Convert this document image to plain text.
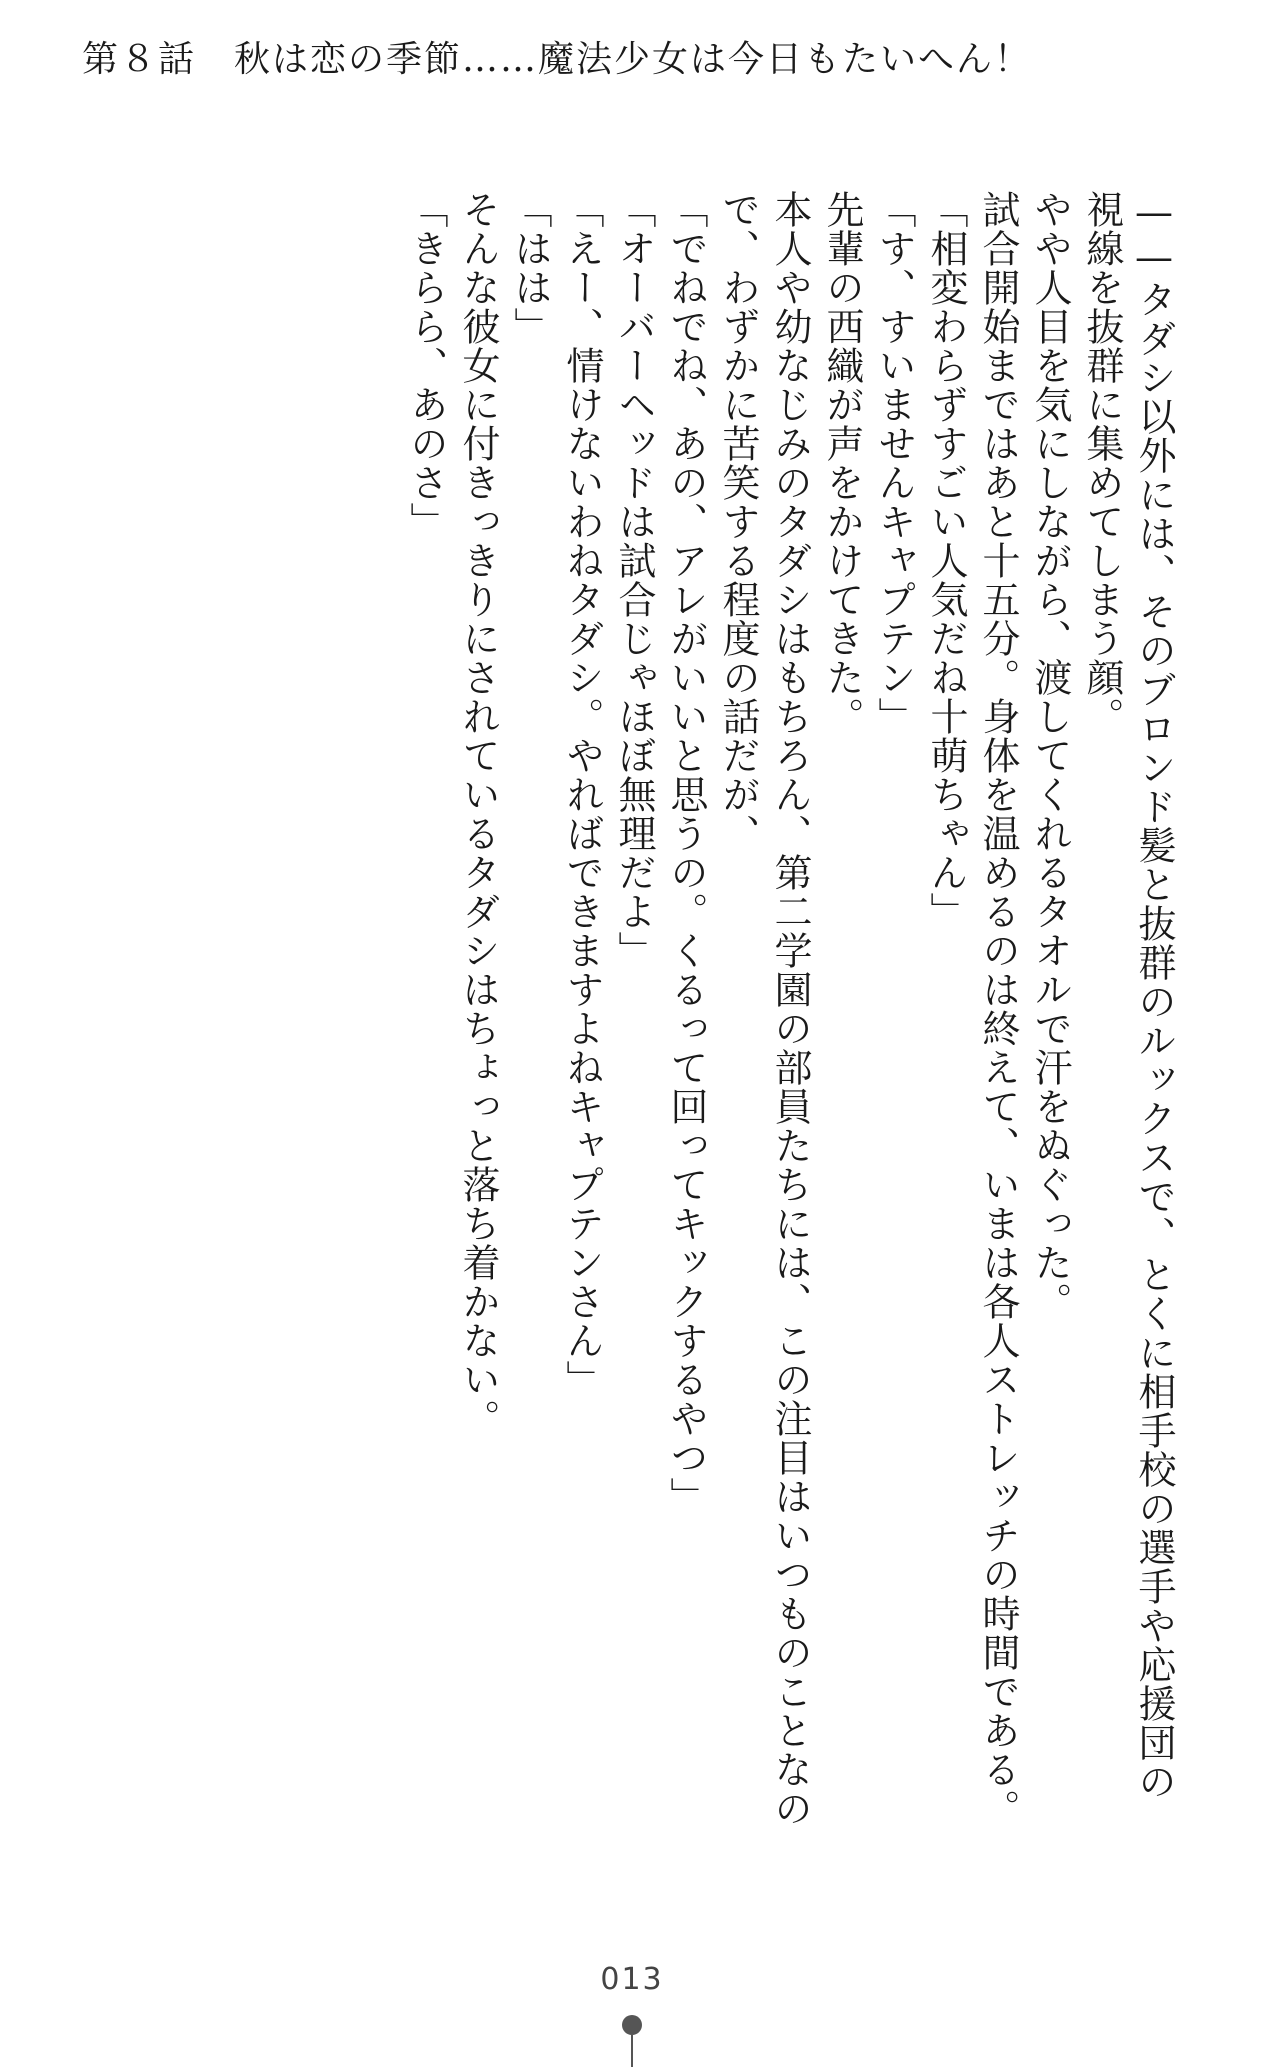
第８話　秋は恋の季節……魔法少女は今日もたいへん！

——タダシ以外には、そのブロンド髪と抜群のルックスで、とくに相手校の選手や応援団の視線を抜群に集めてしまう顔。

やや人目を気にしながら、渡してくれるタオルで汗をぬぐった。

試合開始まではあと十五分。身体を温めるのは終えて、いまは各人ストレッチの時間である。

「相変わらずすごい人気だね十萌ちゃん」

「す、すいませんキャプテン」

先輩の西織が声をかけてきた。

本人や幼なじみのタダシはもちろん、第二学園の部員たちには、この注目はいつものことなので、わずかに苦笑する程度の話だが、

「でねでね、あの、アレがいいと思うの。くるって回ってキックするやつ」

「オーバーヘッドは試合じゃほぼ無理だよ」

「えー、情けないわねタダシ。やればできますよねキャプテンさん」

「はは」

そんな彼女に付きっきりにされているタダシはちょっと落ち着かない。

「きらら、あのさ」

013
